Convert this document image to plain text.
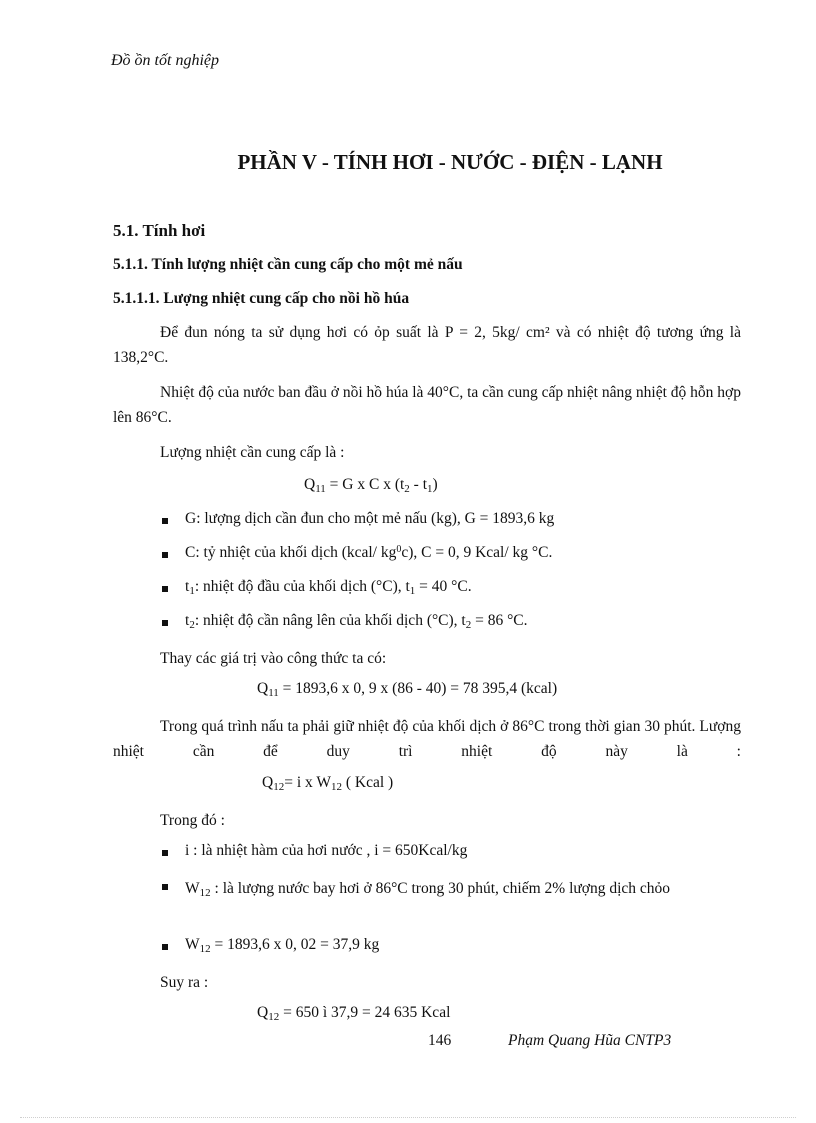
Đồ ồn tốt nghiệp
PHẦN V - TÍNH HƠI - NƯỚC - ĐIỆN - LẠNH
5.1. Tính hơi
5.1.1. Tính lượng nhiệt cần cung cấp cho một mẻ nấu
5.1.1.1. Lượng nhiệt cung cấp cho nồi hồ húa
Để đun nóng ta sử dụng hơi có ỏp suất là P = 2, 5kg/ cm² và có nhiệt độ tương ứng là 138,2°C.
Nhiệt độ của nước ban đầu ở nồi hồ húa là 40°C, ta cần cung cấp nhiệt nâng nhiệt độ hỗn hợp lên 86°C.
Lượng nhiệt cần cung cấp là :
$Q_{11} = G$ x C x $(t_2 - t_1)$
G: lượng dịch cần đun cho một mẻ nấu (kg), G = 1893,6 kg
C: tỷ nhiệt của khối dịch (kcal/ $kg^0c$), C = 0, 9 Kcal/ kg °C.
$t_1$: nhiệt độ đầu của khối dịch (°C), $t_1 = 40$ °C.
$t_2$: nhiệt độ cần nâng lên của khối dịch (°C), $t_2 = 86$ °C.
Thay các giá trị vào công thức ta có:
$Q_{11} = 1893,6$ x 0, 9 x (86 - 40) = 78 395,4 (kcal)
Trong quá trình nấu ta phải giữ nhiệt độ của khối dịch ở 86°C trong thời gian 30 phút. Lượng nhiệt cần để duy trì nhiệt độ này là :
$Q_{12}= i$ x $W_{12}$ ( Kcal )
Trong đó :
i : là nhiệt hàm của hơi nước , i = 650Kcal/kg
$W_{12}$ : là lượng nước bay hơi ở 86°C trong 30 phút, chiếm 2% lượng dịch chỏo
$W_{12} = 1893,6$ x 0, 02 = 37,9 kg
Suy ra :
$Q_{12} = 650$ ì 37,9 = 24 635 Kcal
146	Phạm Quang Hũa CNTP3
